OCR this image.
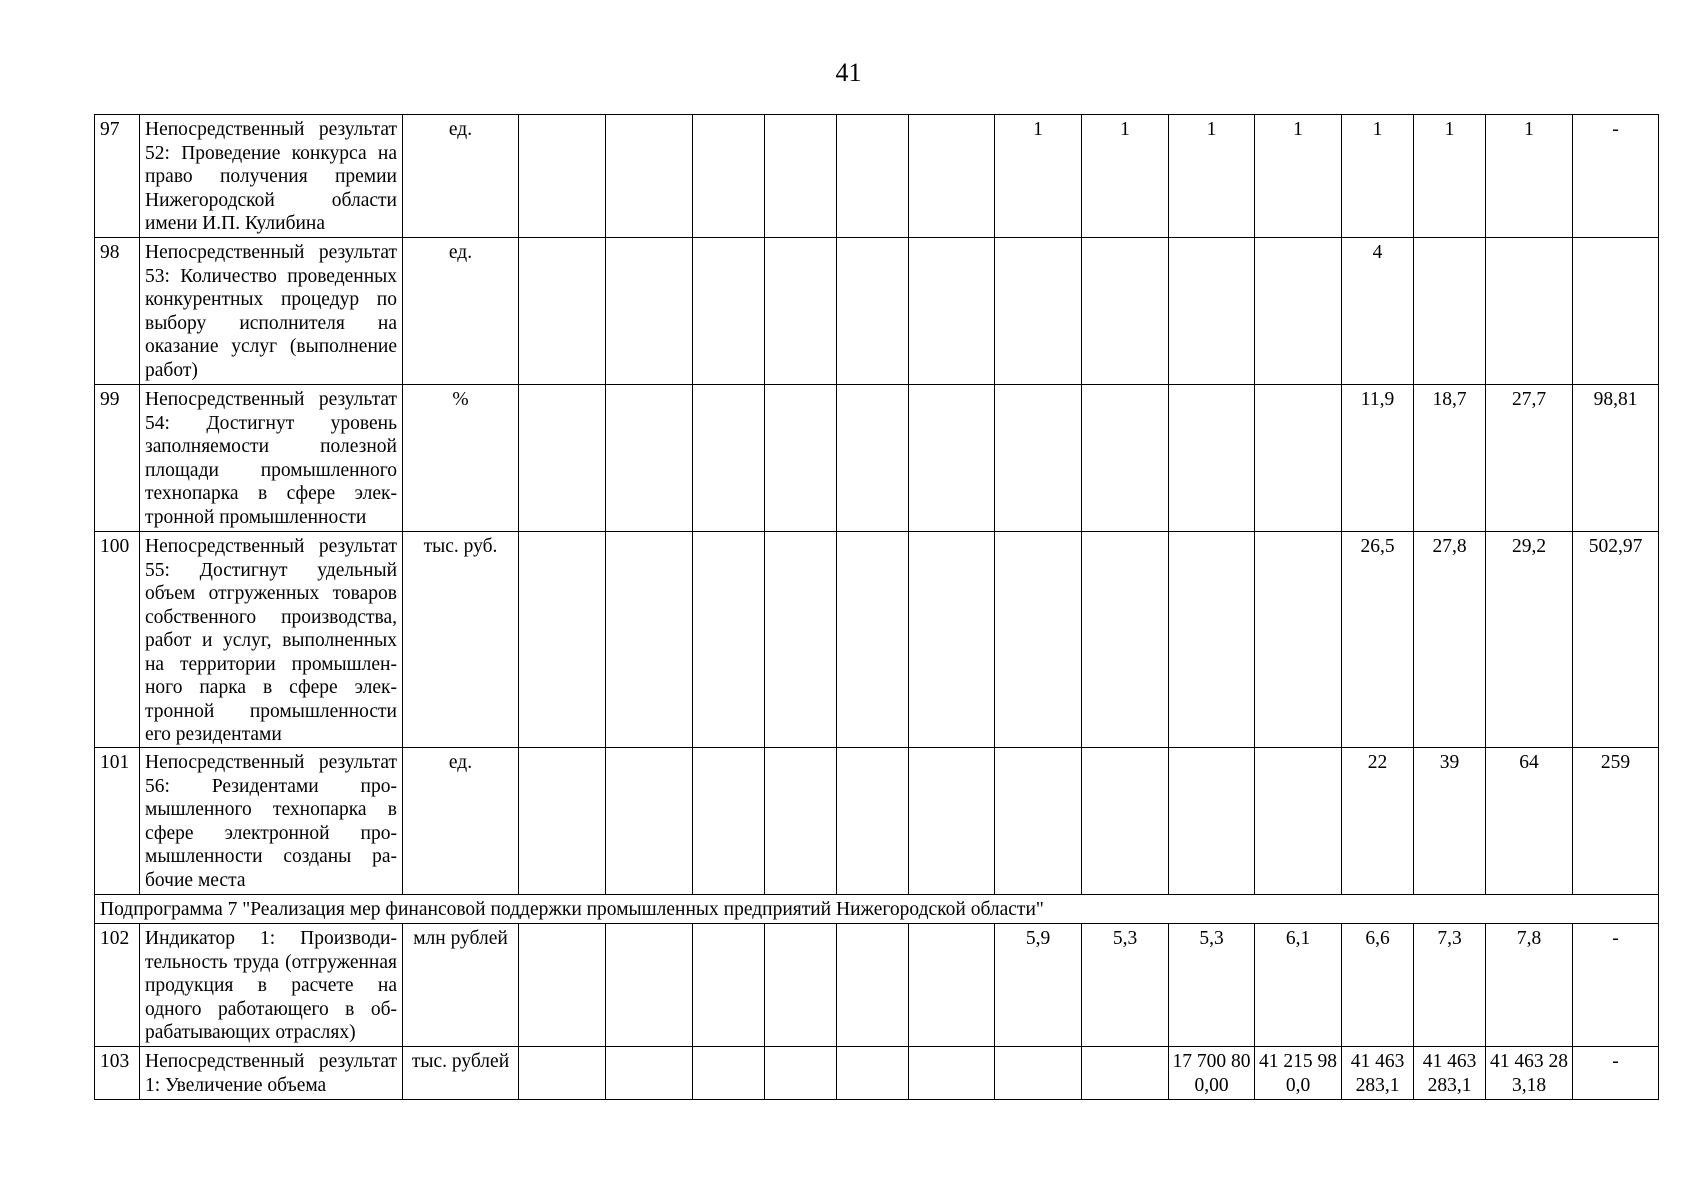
41
97	Непосредственный результат 52: Проведение конкурса на право получения премии Нижегородской области имени И.П. Кулибина	ед.							1	1	1	1	1	1	1	-
98	Непосредственный результат 53: Количество проведенных конкурентных процедур по выбору исполнителя на оказание услуг (выполнение работ)	ед.											4			
99	Непосредственный результат 54: Достигнут уровень заполняемости полезной площади промышленного технопарка в сфере электронной промышленности	%											11,9	18,7	27,7	98,81
100	Непосредственный результат 55: Достигнут удельный объем отгруженных товаров собственного производства, работ и услуг, выполненных на территории промышленного парка в сфере электронной промышленности его резидентами	тыс. руб.											26,5	27,8	29,2	502,97
101	Непосредственный результат 56: Резидентами промышленного технопарка в сфере электронной промышленности созданы рабочие места	ед.											22	39	64	259
Подпрограмма 7 "Реализация мер финансовой поддержки промышленных предприятий Нижегородской области"																
102	Индикатор 1: Производительность труда (отгруженная продукция в расчете на одного работающего в обрабатывающих отраслях)	млн рублей							5,9	5,3	5,3	6,1	6,6	7,3	7,8	-
103	Непосредственный результат 1: Увеличение объема	тыс. рублей									17 700 800,00	41 215 980,0	41 463 283,1	41 463 283,1	41 463 283,18	-
